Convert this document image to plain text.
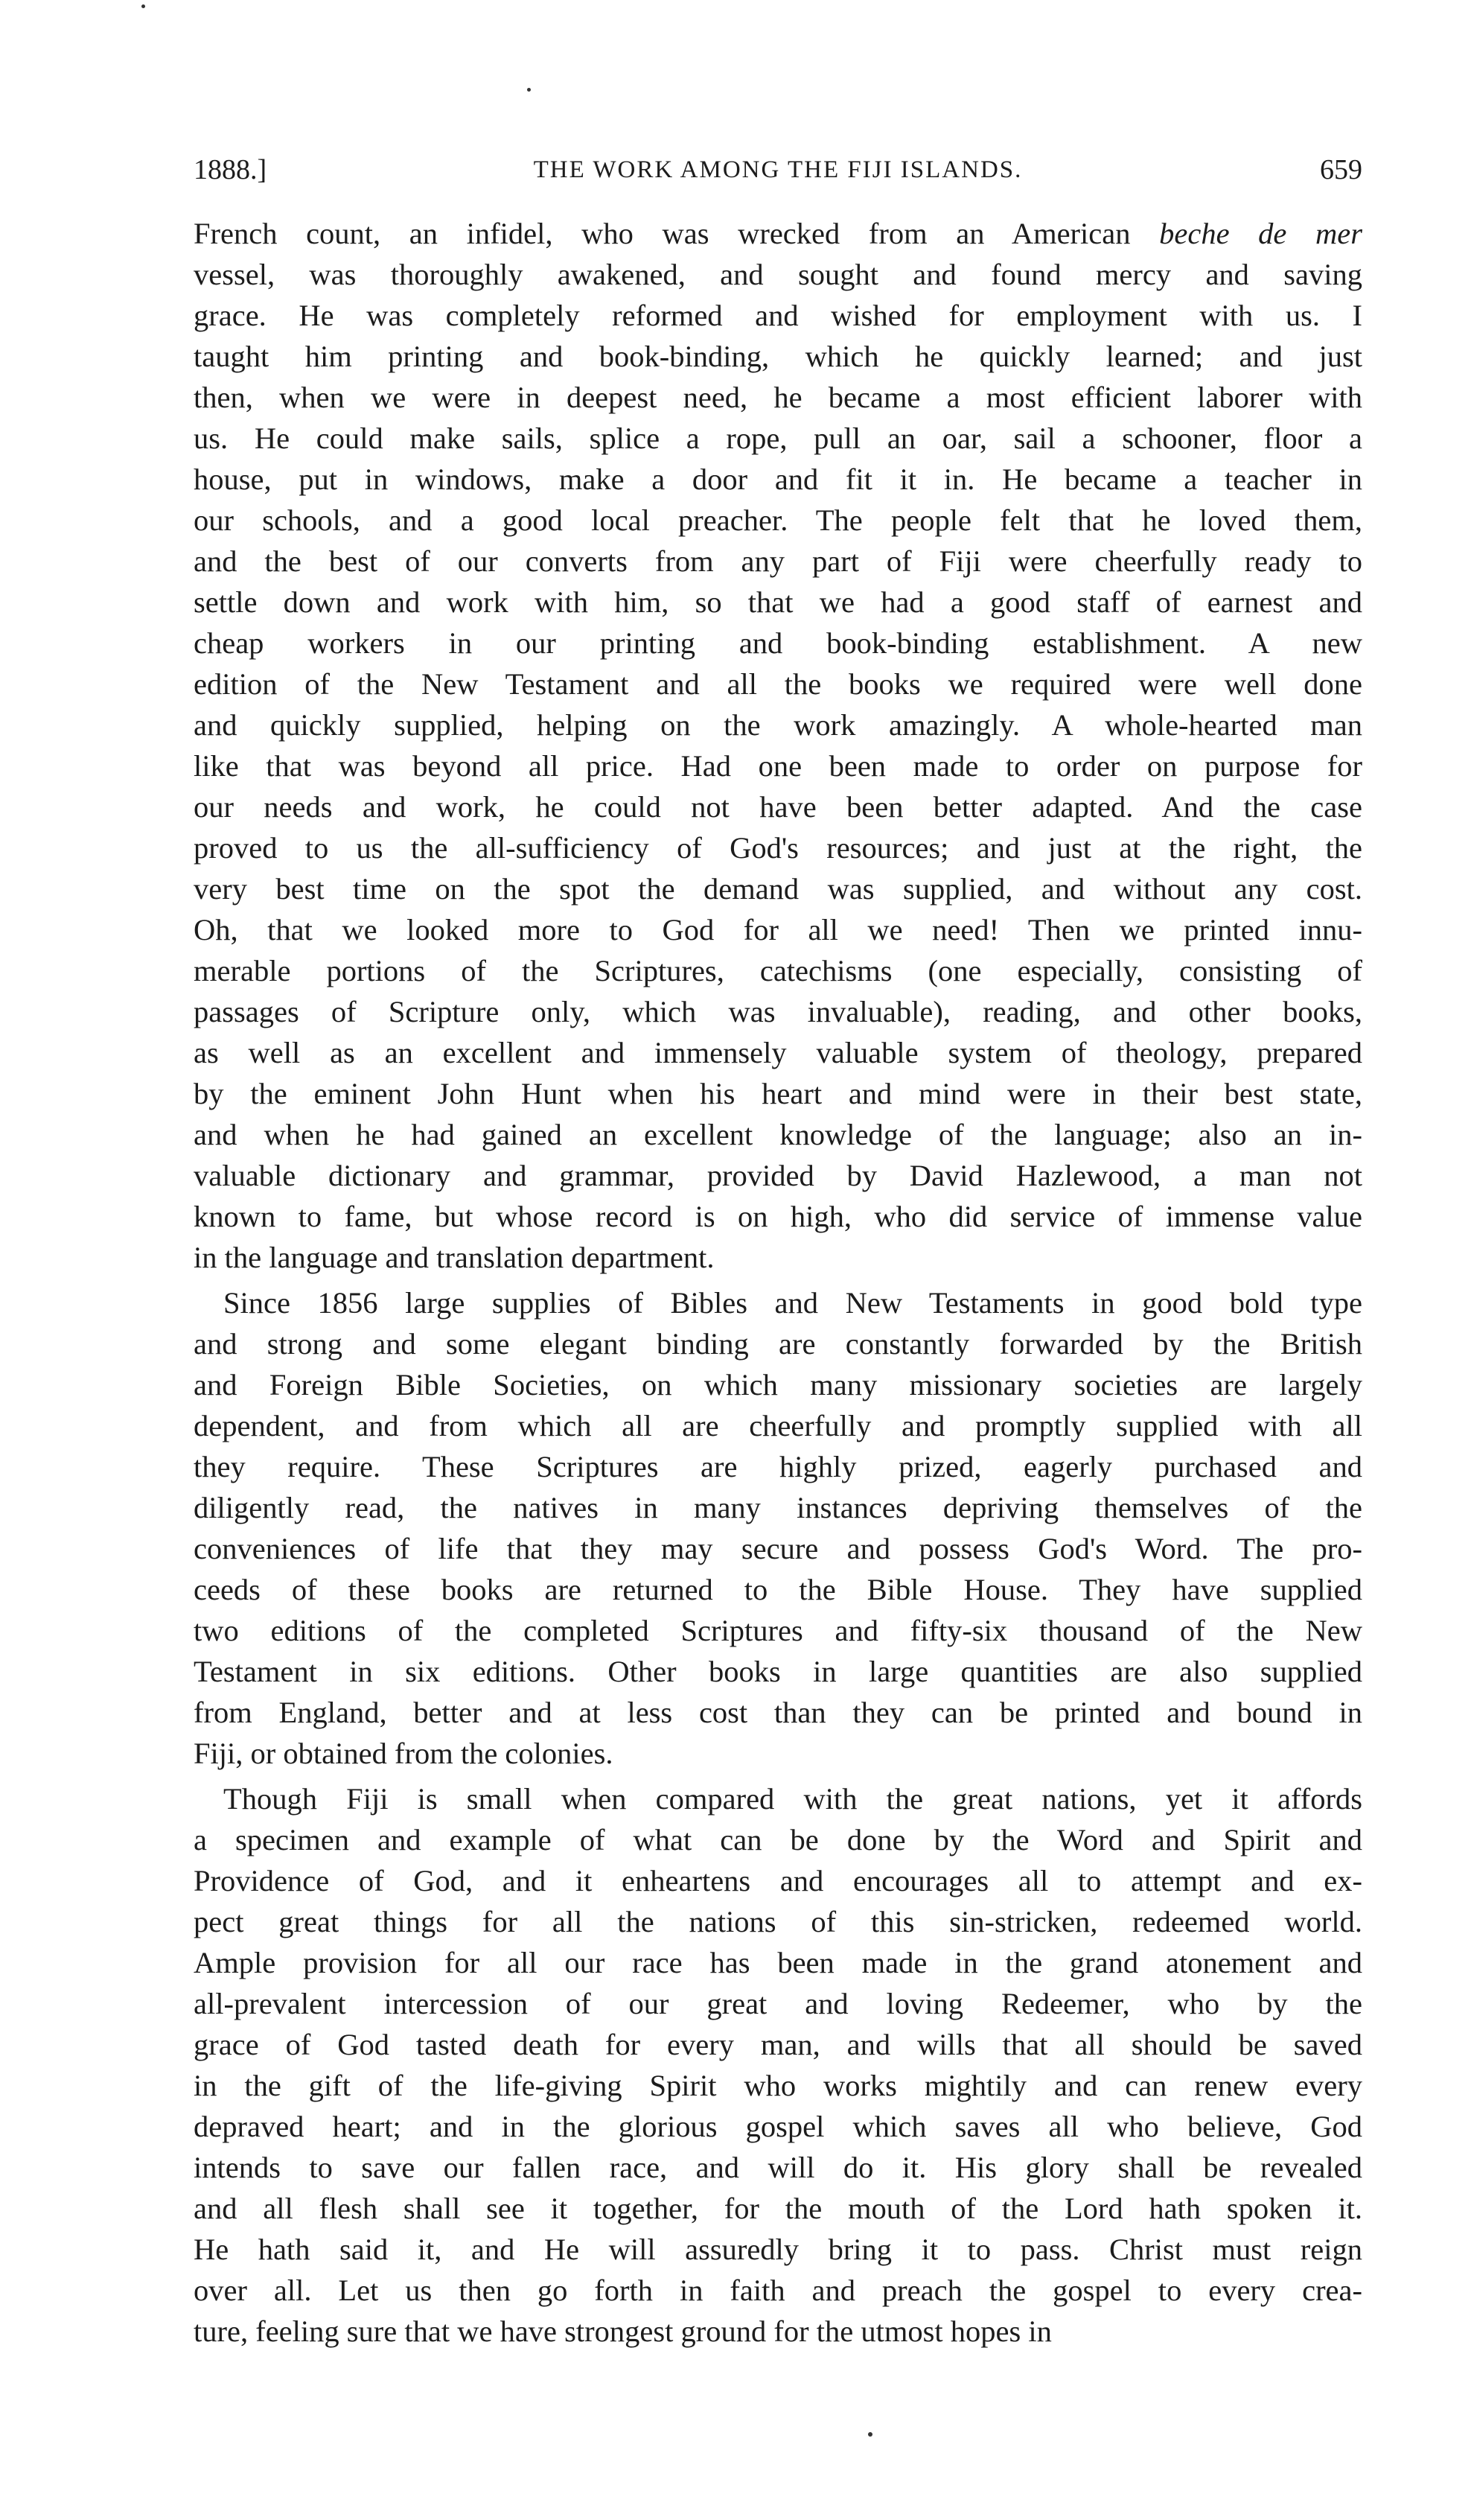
1888.]	THE WORK AMONG THE FIJI ISLANDS.	659
French count, an infidel, who was wrecked from an American beche de mer
vessel, was thoroughly awakened, and sought and found mercy and saving
grace. He was completely reformed and wished for employment with us. I
taught him printing and book-binding, which he quickly learned; and just
then, when we were in deepest need, he became a most efficient laborer with
us. He could make sails, splice a rope, pull an oar, sail a schooner, floor a
house, put in windows, make a door and fit it in. He became a teacher in
our schools, and a good local preacher. The people felt that he loved them,
and the best of our converts from any part of Fiji were cheerfully ready to
settle down and work with him, so that we had a good staff of earnest and
cheap workers in our printing and book-binding establishment. A new
edition of the New Testament and all the books we required were well done
and quickly supplied, helping on the work amazingly. A whole-hearted man
like that was beyond all price. Had one been made to order on purpose for
our needs and work, he could not have been better adapted. And the case
proved to us the all-sufficiency of God's resources; and just at the right, the
very best time on the spot the demand was supplied, and without any cost.
Oh, that we looked more to God for all we need! Then we printed innu-
merable portions of the Scriptures, catechisms (one especially, consisting of
passages of Scripture only, which was invaluable), reading, and other books,
as well as an excellent and immensely valuable system of theology, prepared
by the eminent John Hunt when his heart and mind were in their best state,
and when he had gained an excellent knowledge of the language; also an in-
valuable dictionary and grammar, provided by David Hazlewood, a man not
known to fame, but whose record is on high, who did service of immense value
in the language and translation department.
Since 1856 large supplies of Bibles and New Testaments in good bold type
and strong and some elegant binding are constantly forwarded by the British
and Foreign Bible Societies, on which many missionary societies are largely
dependent, and from which all are cheerfully and promptly supplied with all
they require. These Scriptures are highly prized, eagerly purchased and
diligently read, the natives in many instances depriving themselves of the
conveniences of life that they may secure and possess God's Word. The pro-
ceeds of these books are returned to the Bible House. They have supplied
two editions of the completed Scriptures and fifty-six thousand of the New
Testament in six editions. Other books in large quantities are also supplied
from England, better and at less cost than they can be printed and bound in
Fiji, or obtained from the colonies.
Though Fiji is small when compared with the great nations, yet it affords
a specimen and example of what can be done by the Word and Spirit and
Providence of God, and it enheartens and encourages all to attempt and ex-
pect great things for all the nations of this sin-stricken, redeemed world.
Ample provision for all our race has been made in the grand atonement and
all-prevalent intercession of our great and loving Redeemer, who by the
grace of God tasted death for every man, and wills that all should be saved
in the gift of the life-giving Spirit who works mightily and can renew every
depraved heart; and in the glorious gospel which saves all who believe, God
intends to save our fallen race, and will do it. His glory shall be revealed
and all flesh shall see it together, for the mouth of the Lord hath spoken it.
He hath said it, and He will assuredly bring it to pass. Christ must reign
over all. Let us then go forth in faith and preach the gospel to every crea-
ture, feeling sure that we have strongest ground for the utmost hopes in
